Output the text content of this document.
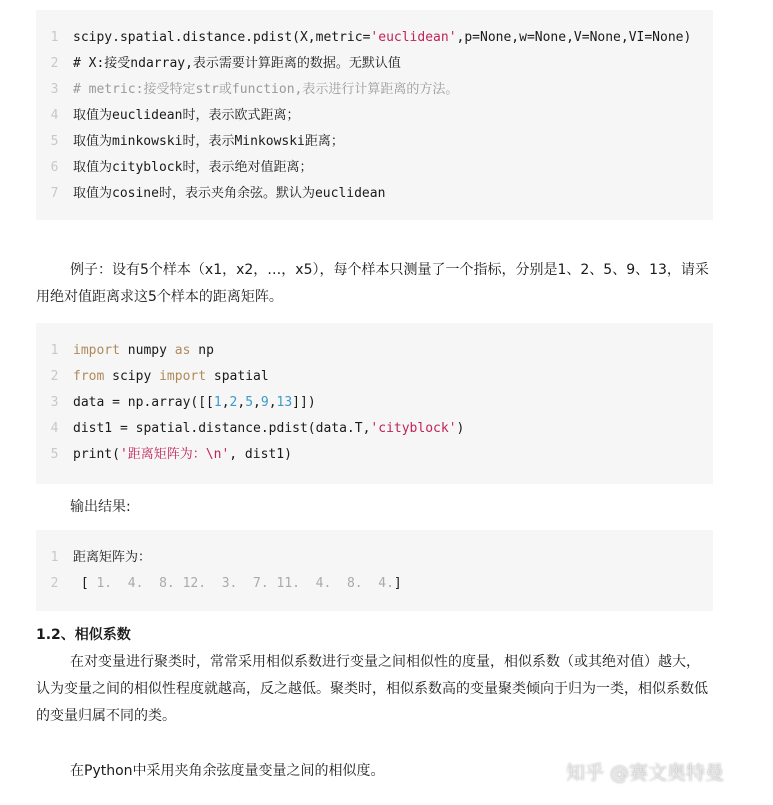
1 scipy.spatial.distance.pdist(X,metric='euclidean',p=None,w=None,V=None,VI=None)
2 # X:接受ndarray,表示需要计算距离的数据。无默认值
3 # metric:接受特定str或function,表示进行计算距离的方法。
4 取值为euclidean时，表示欧式距离；
5 取值为minkowski时，表示Minkowski距离；
6 取值为cityblock时，表示绝对值距离；
7 取值为cosine时，表示夹角余弦。默认为euclidean
例子：设有5个样本（x1，x2，…，x5），每个样本只测量了一个指标，分别是1、2、5、9、13，请采用绝对值距离求这5个样本的距离矩阵。
1 import numpy as np
2 from scipy import spatial
3 data = np.array([[1,2,5,9,13]])
4 dist1 = spatial.distance.pdist(data.T,'cityblock')
5 print('距离矩阵为：\n', dist1)
输出结果:
1 距离矩阵为：
2 [ 1.  4.  8. 12.  3.  7. 11.  4.  8.  4.]
1.2、相似系数
在对变量进行聚类时，常常采用相似系数进行变量之间相似性的度量，相似系数（或其绝对值）越大，认为变量之间的相似性程度就越高，反之越低。聚类时，相似系数高的变量聚类倾向于归为一类，相似系数低的变量归属不同的类。
在Python中采用夹角余弦度量变量之间的相似度。	知乎 @赛文奥特曼
